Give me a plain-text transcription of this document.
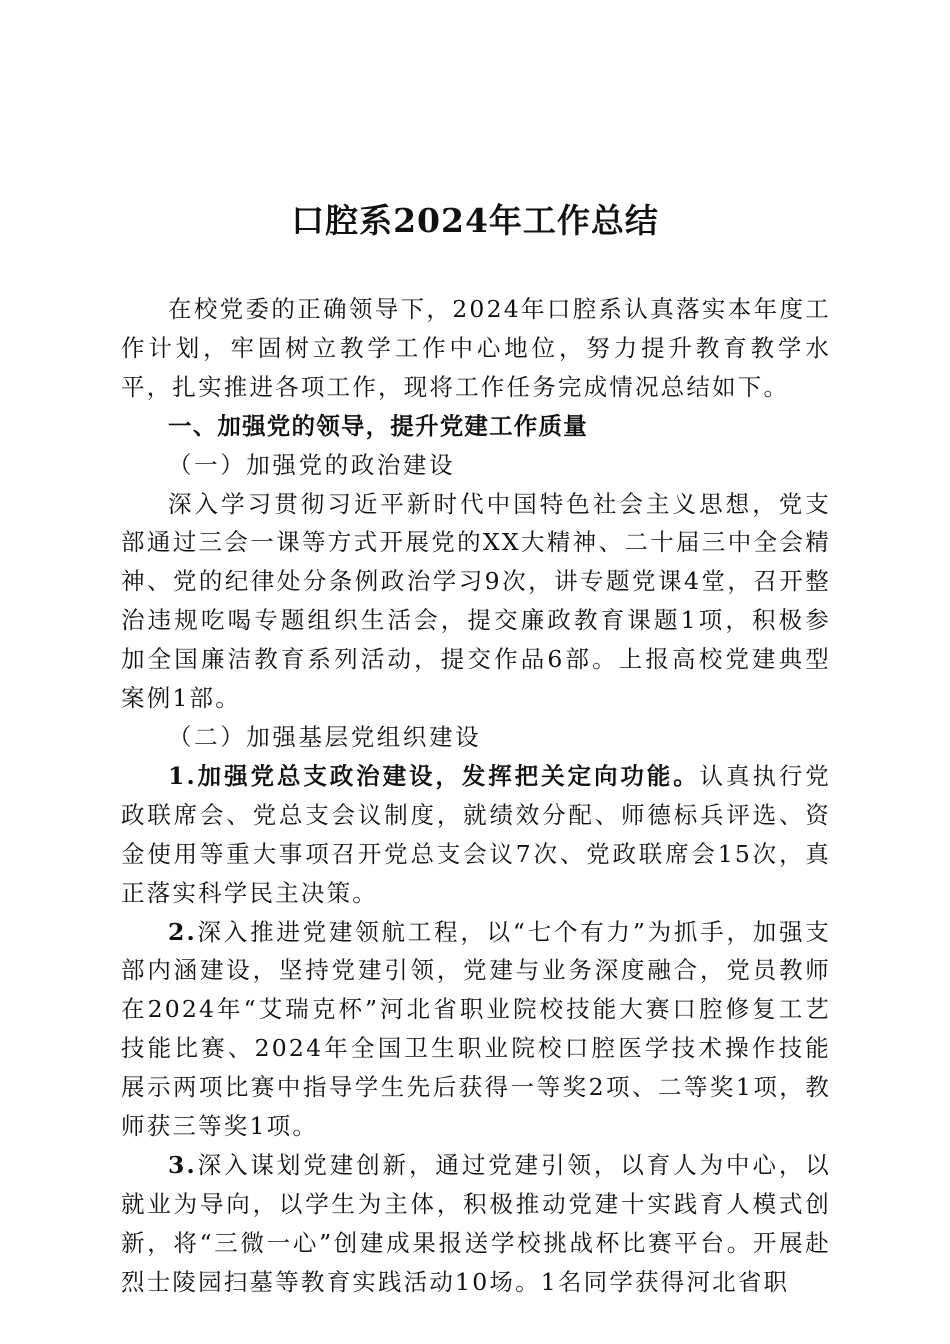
口腔系2024年工作总结

在校党委的正确领导下，2024年口腔系认真落实本年度工作计划，牢固树立教学工作中心地位，努力提升教育教学水平，扎实推进各项工作，现将工作任务完成情况总结如下。

一、加强党的领导，提升党建工作质量

（一）加强党的政治建设

深入学习贯彻习近平新时代中国特色社会主义思想，党支部通过三会一课等方式开展党的XX大精神、二十届三中全会精神、党的纪律处分条例政治学习9次，讲专题党课4堂，召开整治违规吃喝专题组织生活会，提交廉政教育课题1项，积极参加全国廉洁教育系列活动，提交作品6部。上报高校党建典型案例1部。

（二）加强基层党组织建设

1.加强党总支政治建设，发挥把关定向功能。认真执行党政联席会、党总支会议制度，就绩效分配、师德标兵评选、资金使用等重大事项召开党总支会议7次、党政联席会15次，真正落实科学民主决策。

2.深入推进党建领航工程，以“七个有力”为抓手，加强支部内涵建设，坚持党建引领，党建与业务深度融合，党员教师在2024年“艾瑞克杯”河北省职业院校技能大赛口腔修复工艺技能比赛、2024年全国卫生职业院校口腔医学技术操作技能展示两项比赛中指导学生先后获得一等奖2项、二等奖1项，教师获三等奖1项。

3.深入谋划党建创新，通过党建引领，以育人为中心，以就业为导向，以学生为主体，积极推动党建十实践育人模式创新，将“三微一心”创建成果报送学校挑战杯比赛平台。开展赴烈士陵园扫墓等教育实践活动10场。1名同学获得河北省职
